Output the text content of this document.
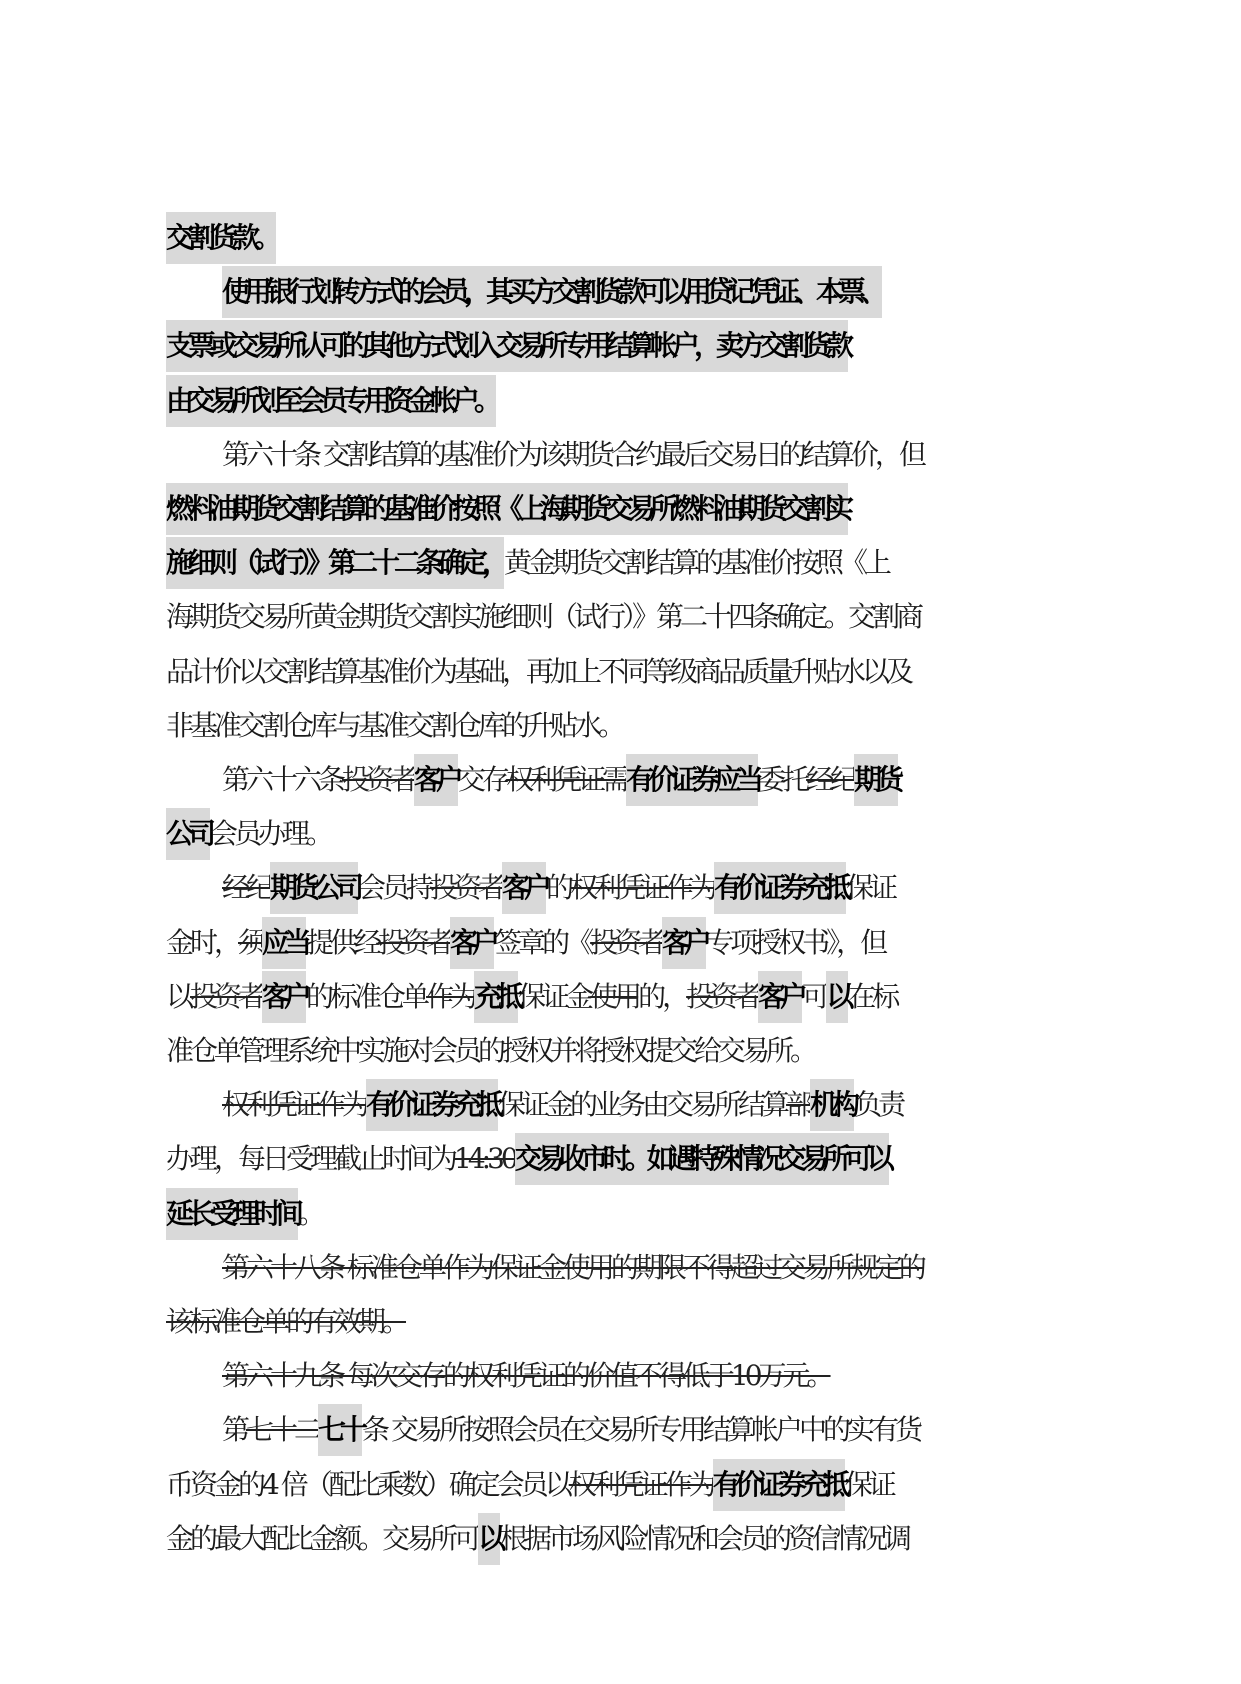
交割货款。
使用银行划转方式的会员，其买方交割货款可以用贷记凭证、本票、
支票或交易所认可的其他方式划入交易所专用结算帐户，卖方交割货款
由交易所划至会员专用资金帐户。
第六十条 交割结算的基准价为该期货合约最后交易日的结算价，但
燃料油期货交割结算的基准价按照《上海期货交易所燃料油期货交割实
施细则（试行）》第二十二条确定，黄金期货交割结算的基准价按照《上
海期货交易所黄金期货交割实施细则（试行）》第二十四条确定。交割商
品计价以交割结算基准价为基础，再加上不同等级商品质量升贴水以及
非基准交割仓库与基准交割仓库的升贴水。
第六十六条投资者客户交存权利凭证需有价证券应当委托经纪期货
公司会员办理。
经纪期货公司会员持投资者客户的权利凭证作为有价证券充抵保证
金时，须应当提供经投资者客户签章的《投资者客户专项授权书》，但
以投资者客户的标准仓单作为充抵保证金使用的，投资者客户可以在标
准仓单管理系统中实施对会员的授权并将授权提交给交易所。
权利凭证作为有价证券充抵保证金的业务由交易所结算部机构负责
办理，每日受理截止时间为14:30交易收市时。如遇特殊情况交易所可以
延长受理时间。
第六十八条 标准仓单作为保证金使用的期限不得超过交易所规定的
该标准仓单的有效期。
第六十九条 每次交存的权利凭证的价值不得低于10万元。
第七十二七十条 交易所按照会员在交易所专用结算帐户中的实有货
币资金的4 倍（配比乘数）确定会员以权利凭证作为有价证券充抵保证
金的最大配比金额。交易所可以根据市场风险情况和会员的资信情况调
